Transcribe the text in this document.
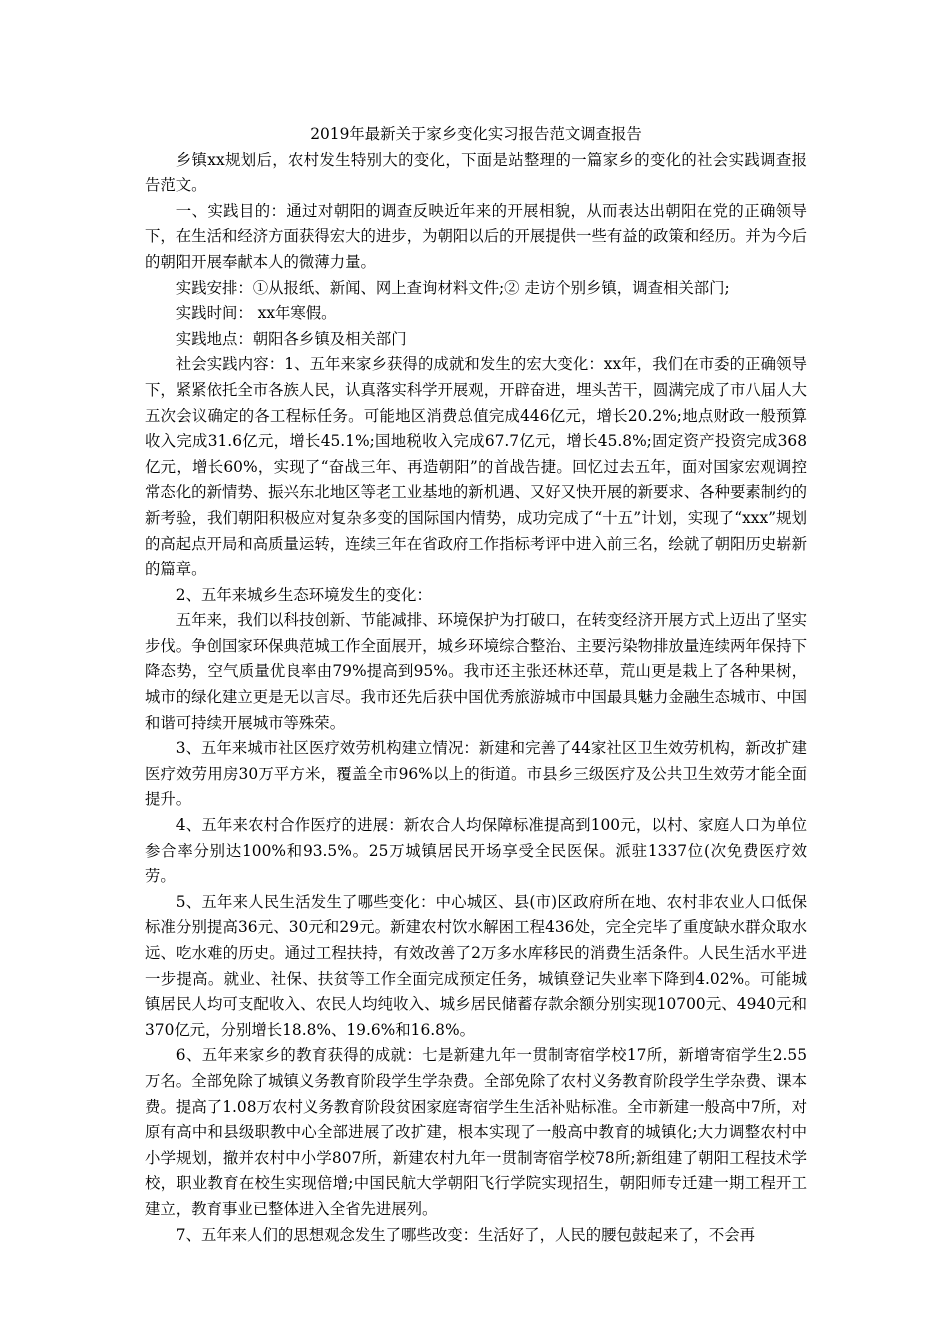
2019年最新关于家乡变化实习报告范文调查报告

乡镇xx规划后，农村发生特别大的变化，下面是站整理的一篇家乡的变化的社会实践调查报告范文。

一、实践目的：通过对朝阳的调查反映近年来的开展相貌，从而表达出朝阳在党的正确领导下，在生活和经济方面获得宏大的进步，为朝阳以后的开展提供一些有益的政策和经历。并为今后的朝阳开展奉献本人的微薄力量。

实践安排：①从报纸、新闻、网上查询材料文件;② 走访个别乡镇，调查相关部门;

实践时间： xx年寒假。

实践地点：朝阳各乡镇及相关部门

社会实践内容：1、五年来家乡获得的成就和发生的宏大变化：xx年，我们在市委的正确领导下，紧紧依托全市各族人民，认真落实科学开展观，开辟奋进，埋头苦干，圆满完成了市八届人大五次会议确定的各工程标任务。可能地区消费总值完成446亿元，增长20.2%;地点财政一般预算收入完成31.6亿元，增长45.1%;国地税收入完成67.7亿元，增长45.8%;固定资产投资完成368亿元，增长60%，实现了“奋战三年、再造朝阳”的首战告捷。回忆过去五年，面对国家宏观调控常态化的新情势、振兴东北地区等老工业基地的新机遇、又好又快开展的新要求、各种要素制约的新考验，我们朝阳积极应对复杂多变的国际国内情势，成功完成了“十五”计划，实现了“xxx”规划的高起点开局和高质量运转，连续三年在省政府工作指标考评中进入前三名，绘就了朝阳历史崭新的篇章。

2、五年来城乡生态环境发生的变化：

五年来，我们以科技创新、节能减排、环境保护为打破口，在转变经济开展方式上迈出了坚实步伐。争创国家环保典范城工作全面展开，城乡环境综合整治、主要污染物排放量连续两年保持下降态势，空气质量优良率由79%提高到95%。我市还主张还林还草，荒山更是栽上了各种果树，城市的绿化建立更是无以言尽。我市还先后获中国优秀旅游城市中国最具魅力金融生态城市、中国和谐可持续开展城市等殊荣。

3、五年来城市社区医疗效劳机构建立情况：新建和完善了44家社区卫生效劳机构，新改扩建医疗效劳用房30万平方米，覆盖全市96%以上的街道。市县乡三级医疗及公共卫生效劳才能全面提升。

4、五年来农村合作医疗的进展：新农合人均保障标准提高到100元，以村、家庭人口为单位参合率分别达100%和93.5%。25万城镇居民开场享受全民医保。派驻1337位(次免费医疗效劳。

5、五年来人民生活发生了哪些变化：中心城区、县(市)区政府所在地、农村非农业人口低保标准分别提高36元、30元和29元。新建农村饮水解困工程436处，完全完毕了重度缺水群众取水远、吃水难的历史。通过工程扶持，有效改善了2万多水库移民的消费生活条件。人民生活水平进一步提高。就业、社保、扶贫等工作全面完成预定任务，城镇登记失业率下降到4.02%。可能城镇居民人均可支配收入、农民人均纯收入、城乡居民储蓄存款余额分别实现10700元、4940元和370亿元，分别增长18.8%、19.6%和16.8%。

6、五年来家乡的教育获得的成就：七是新建九年一贯制寄宿学校17所，新增寄宿学生2.55万名。全部免除了城镇义务教育阶段学生学杂费。全部免除了农村义务教育阶段学生学杂费、课本费。提高了1.08万农村义务教育阶段贫困家庭寄宿学生生活补贴标准。全市新建一般高中7所，对原有高中和县级职教中心全部进展了改扩建，根本实现了一般高中教育的城镇化;大力调整农村中小学规划，撤并农村中小学807所，新建农村九年一贯制寄宿学校78所;新组建了朝阳工程技术学校，职业教育在校生实现倍增;中国民航大学朝阳飞行学院实现招生，朝阳师专迁建一期工程开工建立，教育事业已整体进入全省先进展列。

7、五年来人们的思想观念发生了哪些改变：生活好了，人民的腰包鼓起来了，不会再
